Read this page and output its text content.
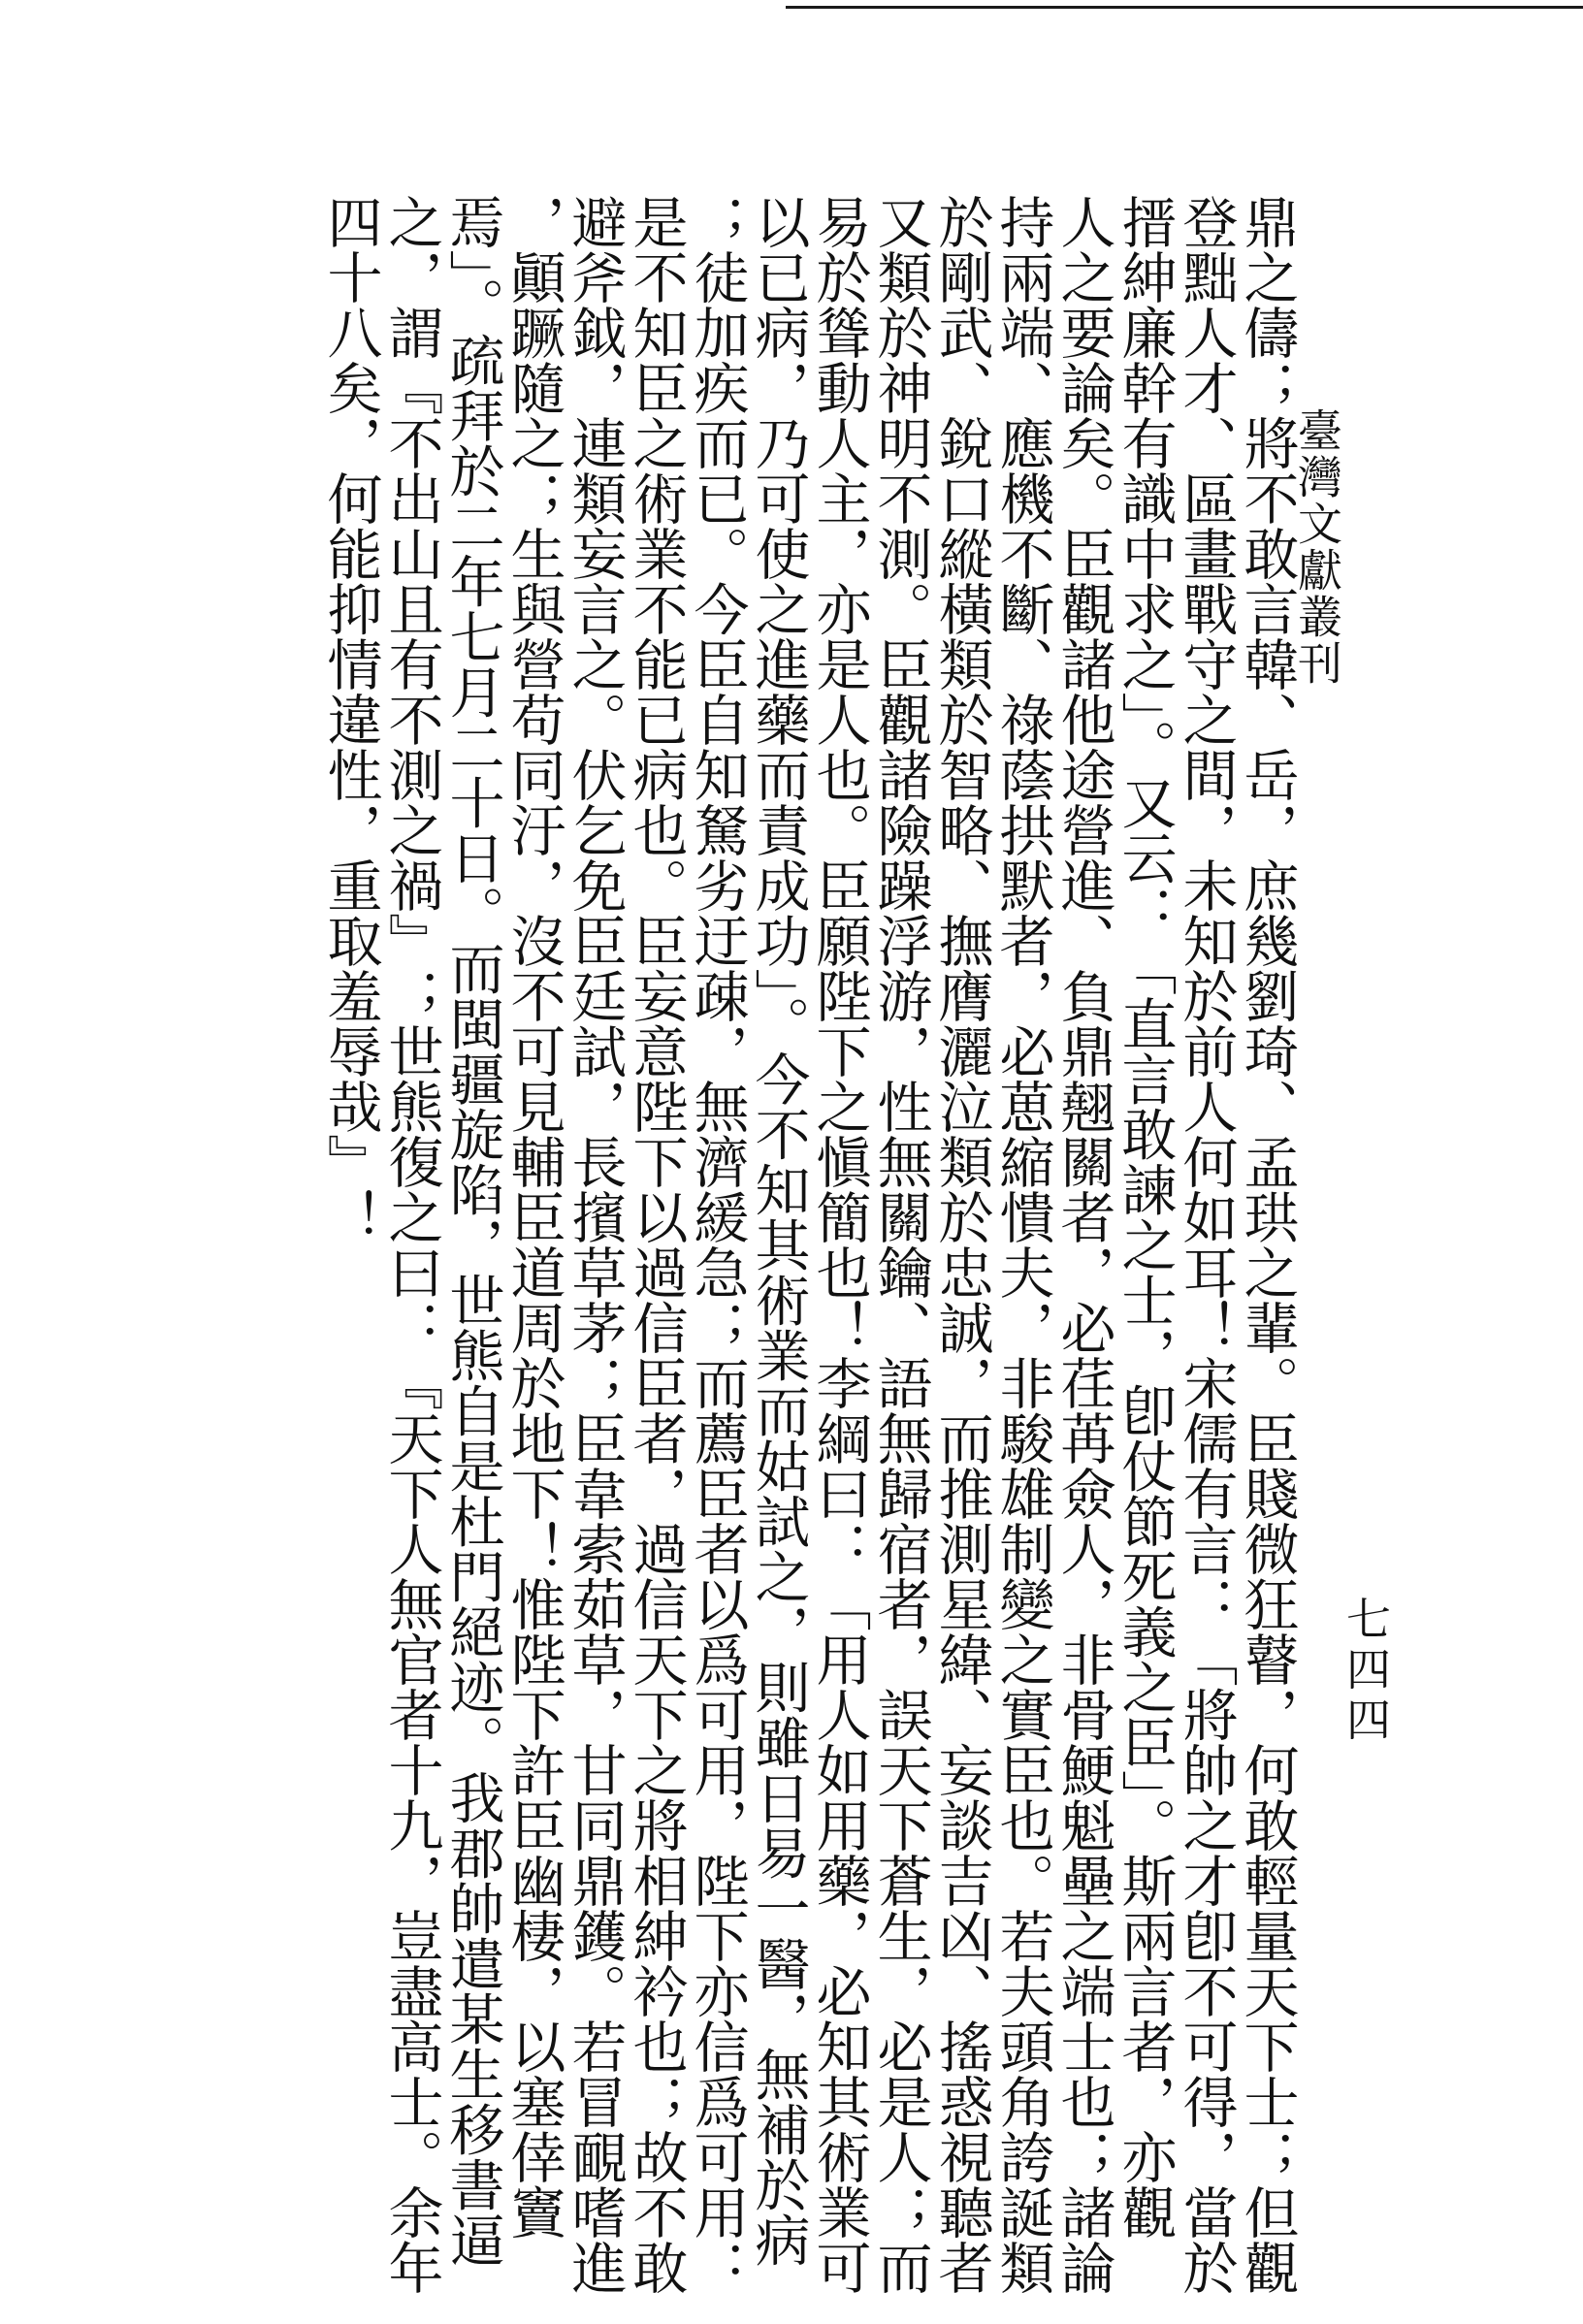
臺灣文獻叢刊
七四四
鼎之儔；將不敢言韓、岳，庶幾劉琦、孟珙之輩。臣賤微狂瞽，何敢輕量天下士；但觀
登黜人才、區畫戰守之間，未知於前人何如耳！宋儒有言：「將帥之才卽不可得，當於
搢紳廉幹有識中求之」。又云：「直言敢諫之士，卽仗節死義之臣」。斯兩言者，亦觀
人之要論矣。臣觀諸他途營進、負鼎翹關者，必荏苒僉人，非骨鯁魁壘之端士也；諸論
持兩端、應機不斷、祿蔭拱默者，必葸縮憒夫，非駿雄制變之實臣也。若夫頭角誇誕類
於剛武、銳口縱橫類於智略、撫膺灑泣類於忠誠，而推測星緯、妄談吉凶、搖惑視聽者
又類於神明不測。臣觀諸險躁浮游，性無關鑰、語無歸宿者，誤天下蒼生，必是人；而
易於聳動人主，亦是人也。臣願陛下之愼簡也！李綱曰：「用人如用藥，必知其術業可
以已病，乃可使之進藥而責成功」。今不知其術業而姑試之，則雖日易一醫，無補於病
；徒加疾而已。今臣自知駑劣迂疎，無濟緩急；而薦臣者以爲可用，陛下亦信爲可用：
是不知臣之術業不能已病也。臣妄意陛下以過信臣者，過信天下之將相紳衿也；故不敢
避斧鉞，連類妄言之。伏乞免臣廷試，長擯草茅；臣韋索茹草，甘同鼎鑊。若冒靦嗜進
，顚蹶隨之；生與營苟同汙，沒不可見輔臣道周於地下！惟陛下許臣幽棲，以塞倖竇
焉」。疏拜於二年七月二十日。而閩疆旋陷，世熊自是杜門絕迹。我郡帥遣某生移書逼
之，謂『不出山且有不測之禍』；世熊復之曰：『天下人無官者十九，豈盡高士。余年
四十八矣，何能抑情違性，重取羞辱哉』！
